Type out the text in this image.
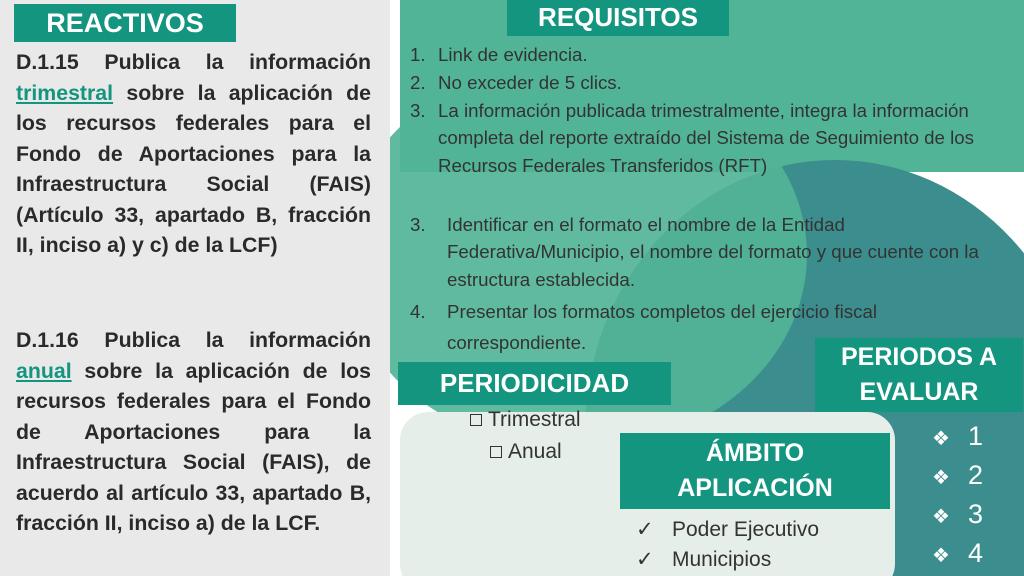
REACTIVOS
D.1.15 Publica la información trimestral sobre la aplicación de los recursos federales para el Fondo de Aportaciones para la Infraestructura Social (FAIS) (Artículo 33, apartado B, fracción II, inciso a) y c) de la LCF)
D.1.16 Publica la información anual sobre la aplicación de los recursos federales para el Fondo de Aportaciones para la Infraestructura Social (FAIS), de acuerdo al artículo 33, apartado B, fracción II, inciso a) de la LCF.
REQUISITOS
1. Link de evidencia.
2. No exceder de 5 clics.
3. La información publicada trimestralmente, integra la información completa del reporte extraído del Sistema de Seguimiento de los Recursos Federales Transferidos (RFT)
3.	Identificar en el formato el nombre de la Entidad Federativa/Municipio, el nombre del formato y que cuente con la estructura establecida.
4.	Presentar los formatos completos del ejercicio fiscal correspondiente.
PERIODICIDAD
Trimestral
Anual	ÁMBITO
APLICACIÓN
✓ Poder Ejecutivo
✓ Municipios
PERIODOS A
EVALUAR
❖ 1
❖ 2
❖ 3
❖ 4
